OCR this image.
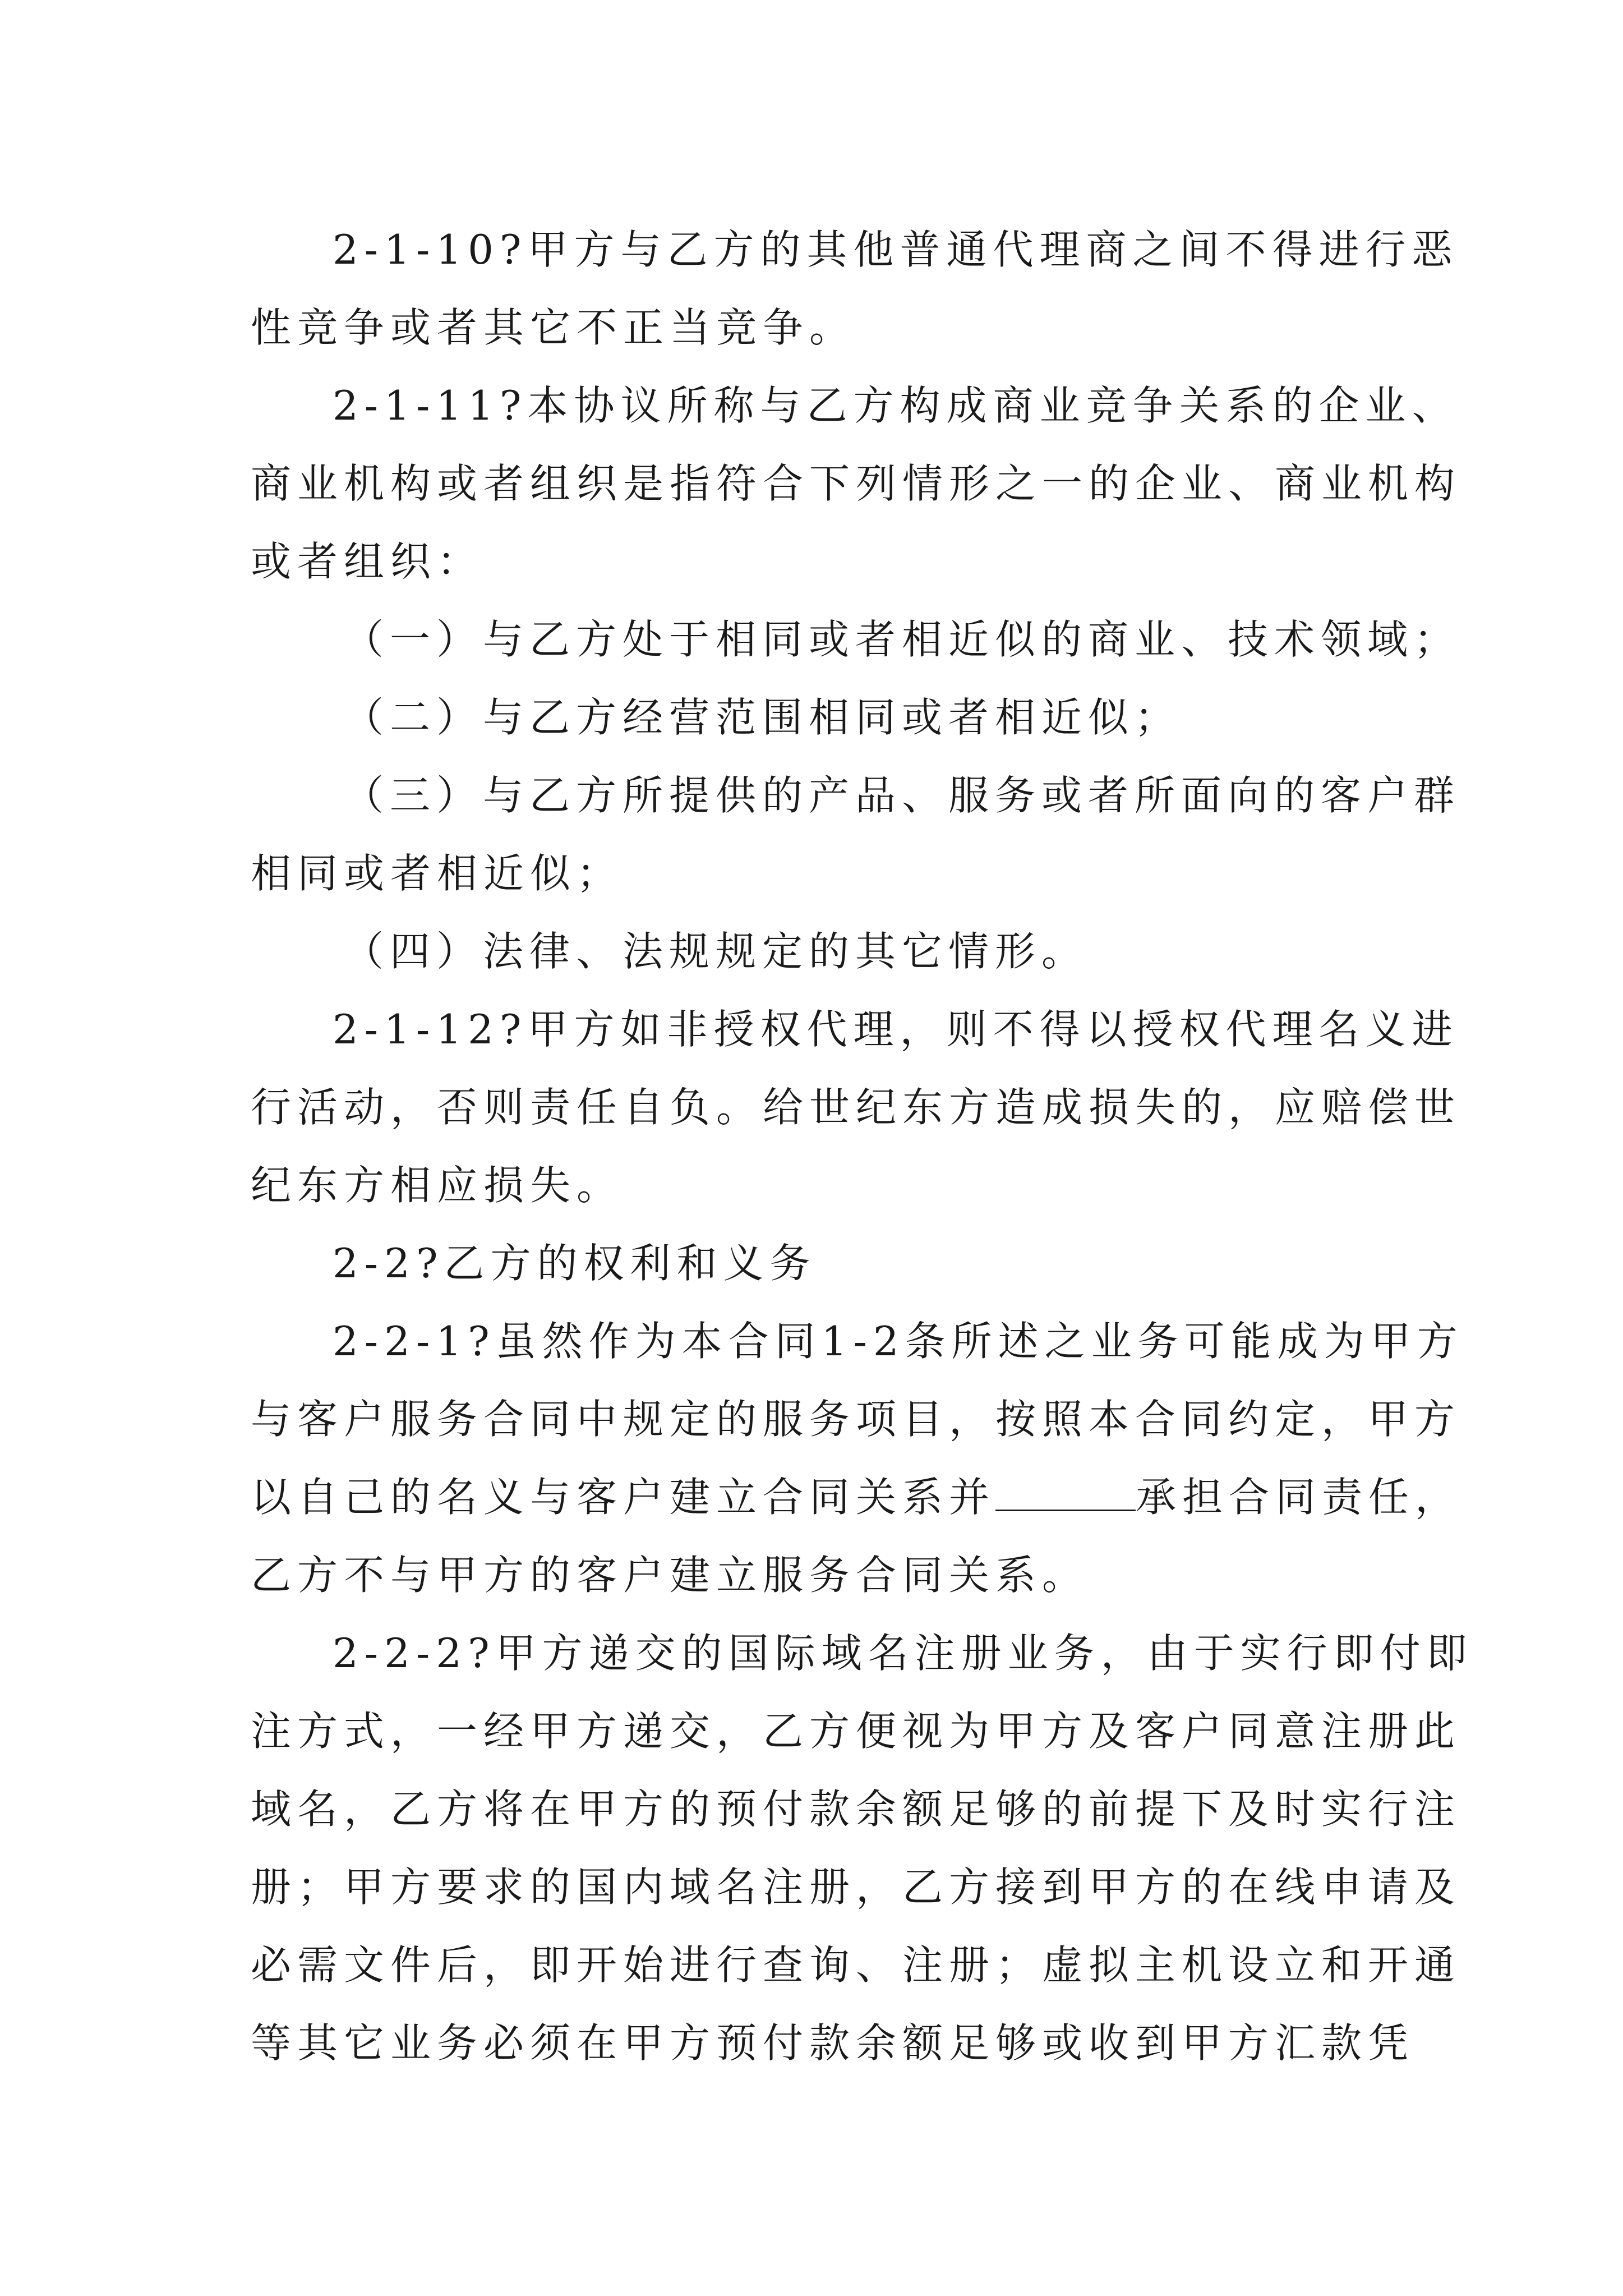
2-1-10?甲方与乙方的其他普通代理商之间不得进行恶
性竞争或者其它不正当竞争。
2-1-11?本协议所称与乙方构成商业竞争关系的企业、
商业机构或者组织是指符合下列情形之一的企业、商业机构
或者组织：
（一）与乙方处于相同或者相近似的商业、技术领域；
（二）与乙方经营范围相同或者相近似；
（三）与乙方所提供的产品、服务或者所面向的客户群
相同或者相近似；
（四）法律、法规规定的其它情形。
2-1-12?甲方如非授权代理，则不得以授权代理名义进
行活动，否则责任自负。给世纪东方造成损失的，应赔偿世
纪东方相应损失。
2-2?乙方的权利和义务
2-2-1?虽然作为本合同1-2条所述之业务可能成为甲方
与客户服务合同中规定的服务项目，按照本合同约定，甲方
以自己的名义与客户建立合同关系并	承担合同责任，
乙方不与甲方的客户建立服务合同关系。
2-2-2?甲方递交的国际域名注册业务，由于实行即付即
注方式，一经甲方递交，乙方便视为甲方及客户同意注册此
域名，乙方将在甲方的预付款余额足够的前提下及时实行注
册；甲方要求的国内域名注册，乙方接到甲方的在线申请及
必需文件后，即开始进行查询、注册；虚拟主机设立和开通
等其它业务必须在甲方预付款余额足够或收到甲方汇款凭
